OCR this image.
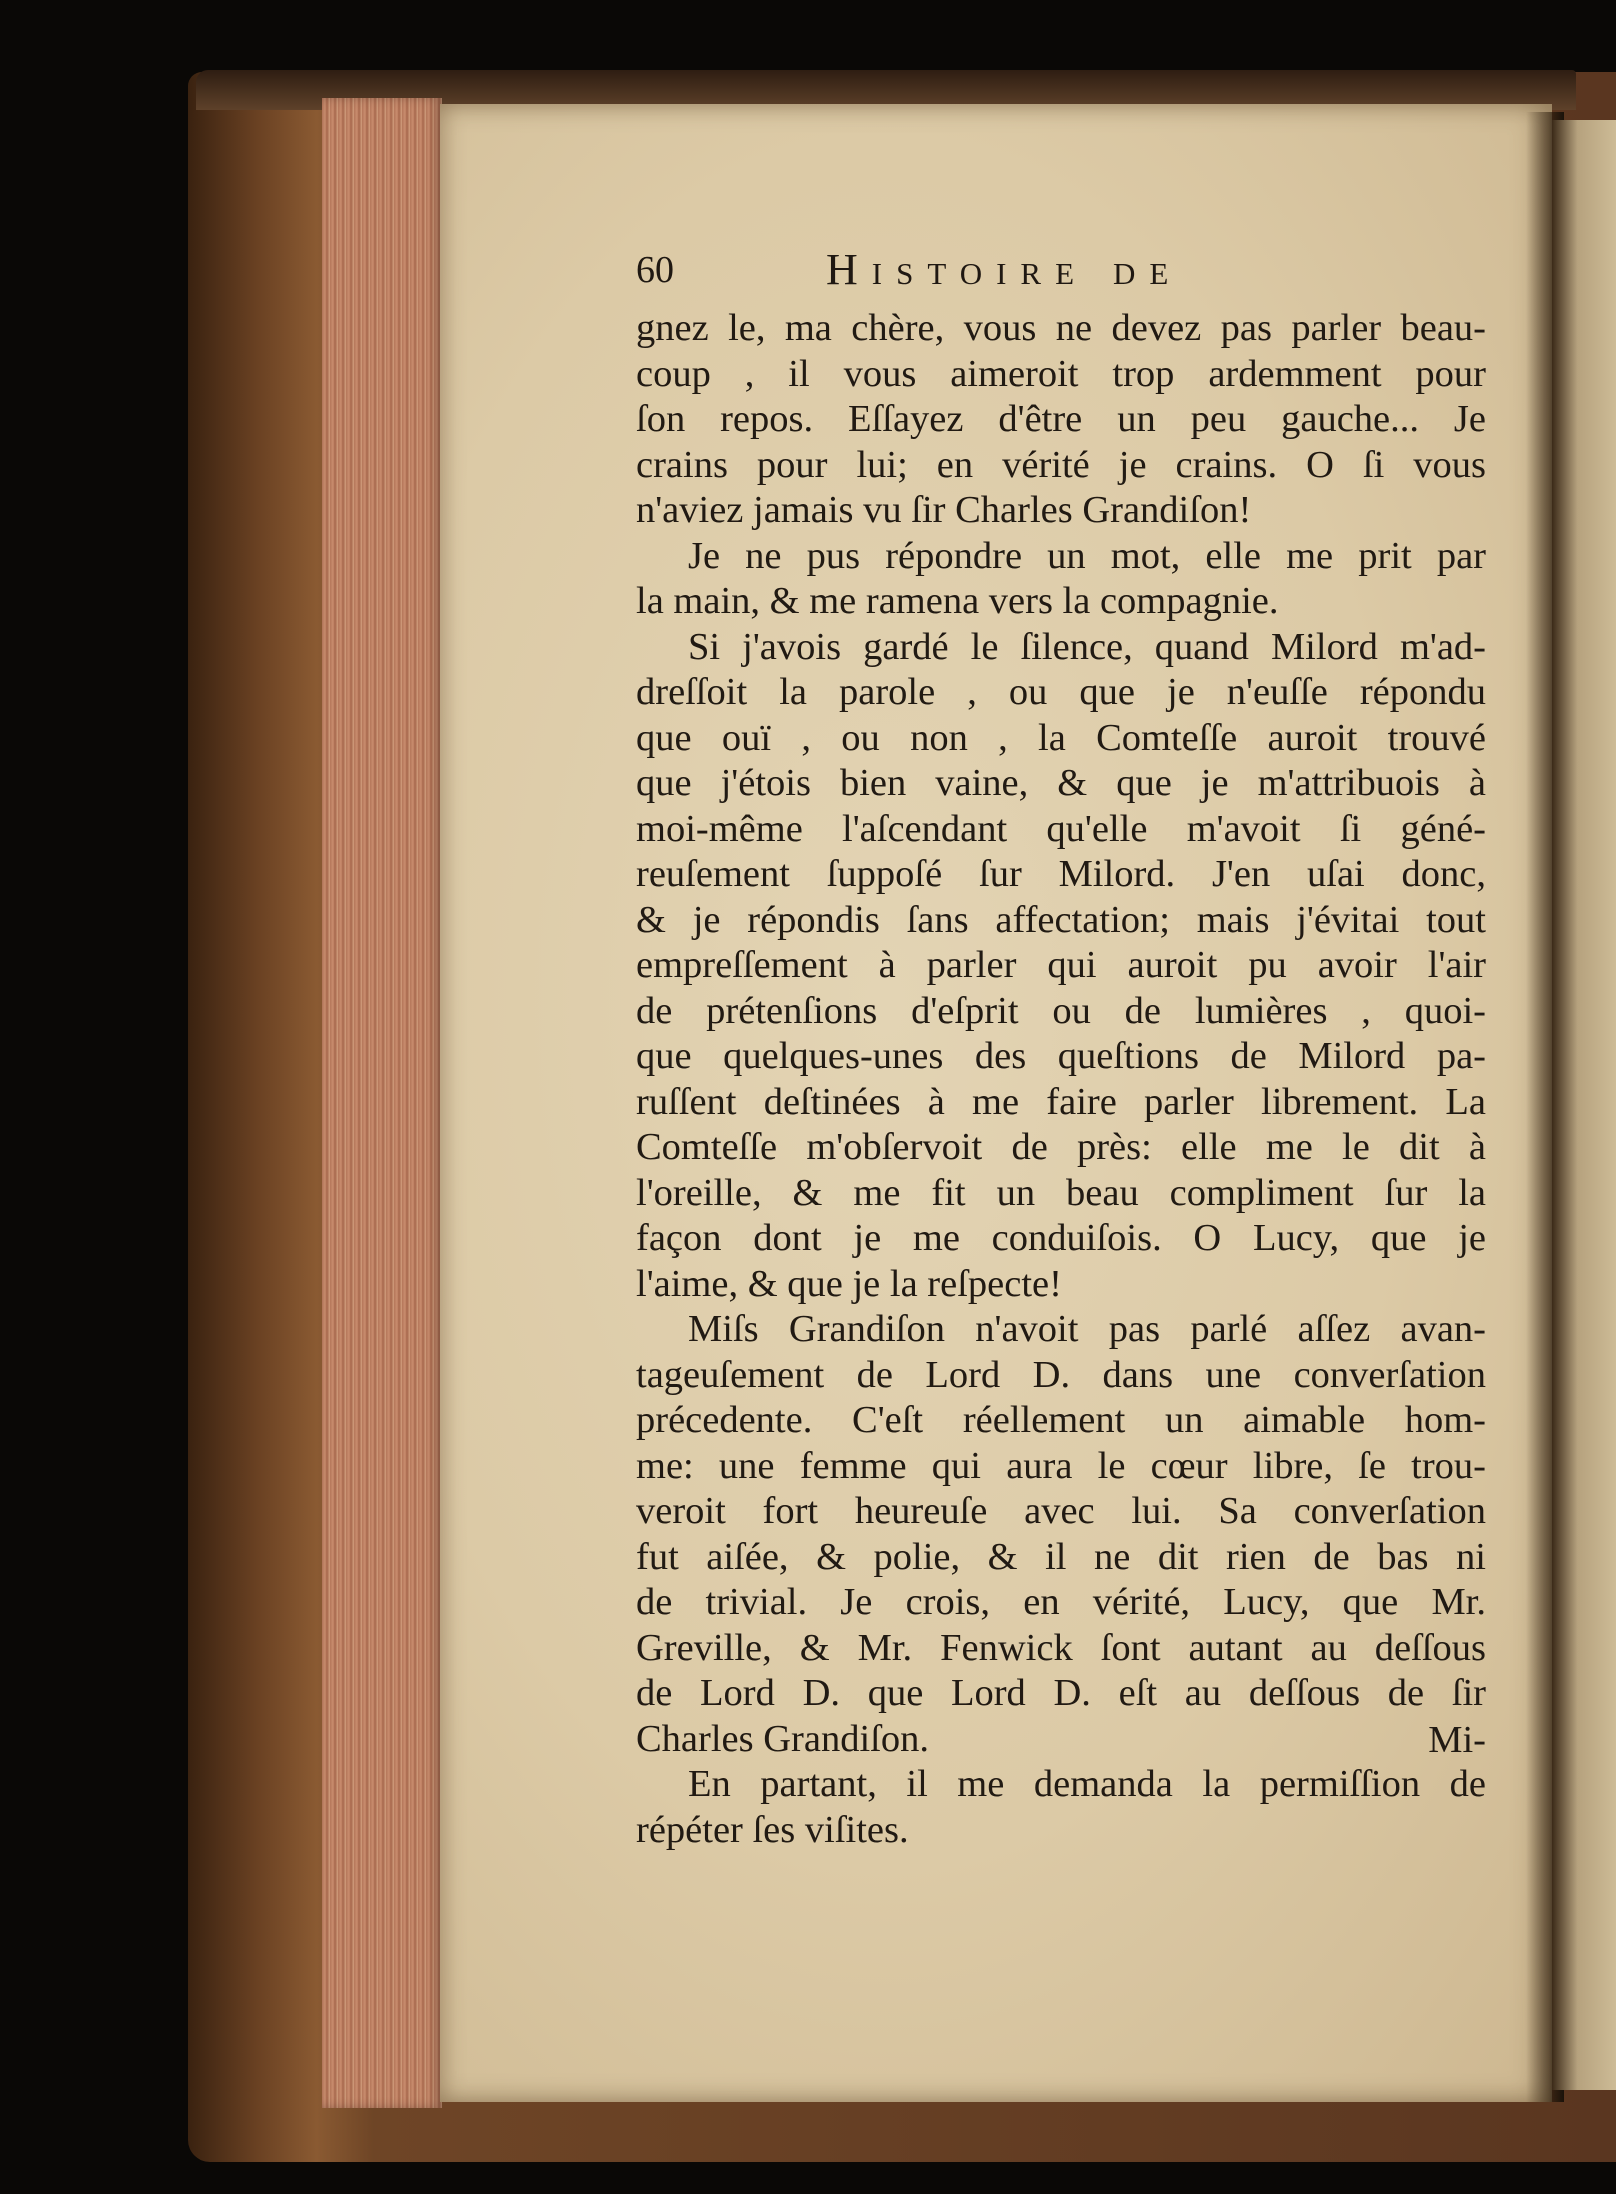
60	Histoire de
gnez le, ma chère, vous ne devez pas parler beau-
coup , il vous aimeroit trop ardemment pour
ſon repos. Eſſayez d'être un peu gauche... Je
crains pour lui; en vérité je crains. O ſi vous
n'aviez jamais vu ſir Charles Grandiſon!
Je ne pus répondre un mot, elle me prit par
la main, & me ramena vers la compagnie.
Si j'avois gardé le ſilence, quand Milord m'ad-
dreſſoit la parole , ou que je n'euſſe répondu
que ouï , ou non , la Comteſſe auroit trouvé
que j'étois bien vaine, & que je m'attribuois à
moi-même l'aſcendant qu'elle m'avoit ſi géné-
reuſement ſuppoſé ſur Milord. J'en uſai donc,
& je répondis ſans affectation; mais j'évitai tout
empreſſement à parler qui auroit pu avoir l'air
de prétenſions d'eſprit ou de lumières , quoi-
que quelques-unes des queſtions de Milord pa-
ruſſent deſtinées à me faire parler librement. La
Comteſſe m'obſervoit de près: elle me le dit à
l'oreille, & me fit un beau compliment ſur la
façon dont je me conduiſois. O Lucy, que je
l'aime, & que je la reſpecte!
Miſs Grandiſon n'avoit pas parlé aſſez avan-
tageuſement de Lord D. dans une converſation
précedente. C'eſt réellement un aimable hom-
me: une femme qui aura le cœur libre, ſe trou-
veroit fort heureuſe avec lui. Sa converſation
fut aiſée, & polie, & il ne dit rien de bas ni
de trivial. Je crois, en vérité, Lucy, que Mr.
Greville, & Mr. Fenwick ſont autant au deſſous
de Lord D. que Lord D. eſt au deſſous de ſir
Charles Grandiſon.
En partant, il me demanda la permiſſion de
répéter ſes viſites.
Mi-
